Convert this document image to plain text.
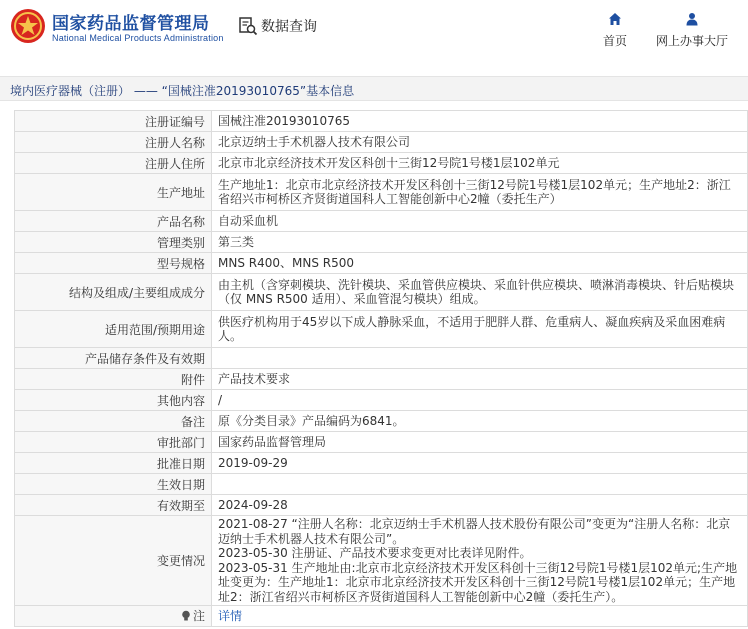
国家药品监督管理局
National Medical Products Administration
数据查询
首页	网上办事大厅
境内医疗器械（注册） —— “国械注准20193010765”基本信息
注册证编号	国械注准20193010765
注册人名称	北京迈纳士手术机器人技术有限公司
注册人住所	北京市北京经济技术开发区科创十三街12号院1号楼1层102单元
生产地址	生产地址1：北京市北京经济技术开发区科创十三街12号院1号楼1层102单元；生产地址2：浙江省绍兴市柯桥区齐贤街道国科人工智能创新中心2幢（委托生产）
产品名称	自动采血机
管理类别	第三类
型号规格	MNS R400、MNS R500
结构及组成/主要组成成分	由主机（含穿刺模块、洗针模块、采血管供应模块、采血针供应模块、喷淋消毒模块、针后贴模块（仅 MNS R500 适用）、采血管混匀模块）组成。
适用范围/预期用途	供医疗机构用于45岁以下成人静脉采血，不适用于肥胖人群、危重病人、凝血疾病及采血困难病人。
产品储存条件及有效期	
附件	产品技术要求
其他内容	/
备注	原《分类目录》产品编码为6841。
审批部门	国家药品监督管理局
批准日期	2019-09-29
生效日期	
有效期至	2024-09-28
变更情况	2021-08-27 “注册人名称：北京迈纳士手术机器人技术股份有限公司”变更为“注册人名称：北京迈纳士手术机器人技术有限公司”。
2023-05-30 注册证、产品技术要求变更对比表详见附件。
2023-05-31 生产地址由:北京市北京经济技术开发区科创十三街12号院1号楼1层102单元;生产地址变更为：生产地址1：北京市北京经济技术开发区科创十三街12号院1号楼1层102单元；生产地址2：浙江省绍兴市柯桥区齐贤街道国科人工智能创新中心2幢（委托生产）。

注	详情
